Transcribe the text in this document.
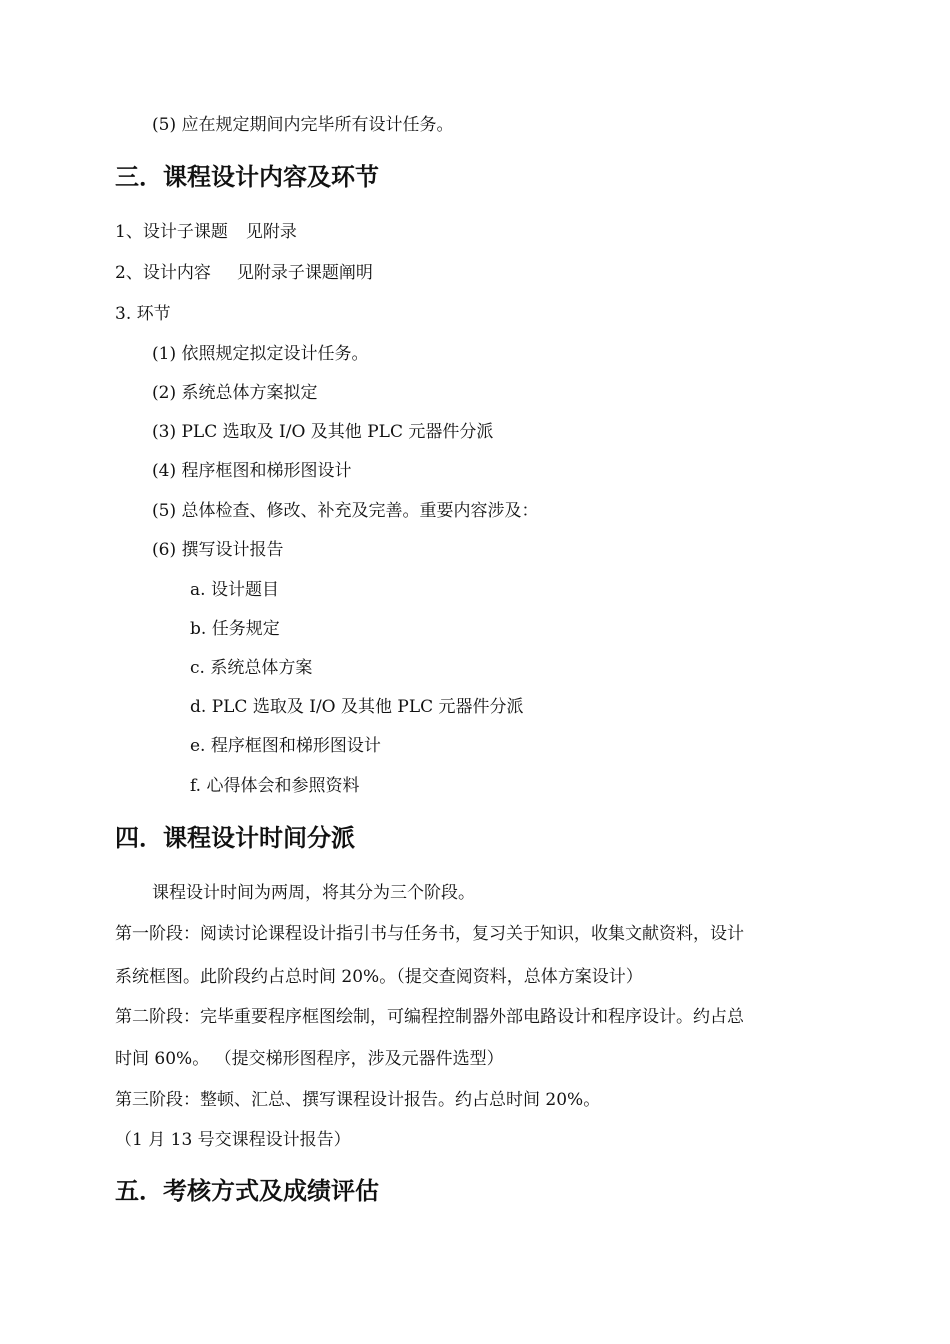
(5) 应在规定期间内完毕所有设计任务。
三．课程设计内容及环节
1、设计子课题 见附录
2、设计内容 见附录子课题阐明
3. 环节
(1) 依照规定拟定设计任务。
(2) 系统总体方案拟定
(3) PLC 选取及 I/O 及其他 PLC 元器件分派
(4) 程序框图和梯形图设计
(5) 总体检查、修改、补充及完善。重要内容涉及：
(6) 撰写设计报告
a. 设计题目
b. 任务规定
c. 系统总体方案
d. PLC 选取及 I/O 及其他 PLC 元器件分派
e. 程序框图和梯形图设计
f. 心得体会和参照资料
四．课程设计时间分派
课程设计时间为两周，将其分为三个阶段。
第一阶段：阅读讨论课程设计指引书与任务书，复习关于知识，收集文献资料，设计
系统框图。此阶段约占总时间 20%。（提交查阅资料，总体方案设计）
第二阶段：完毕重要程序框图绘制，可编程控制器外部电路设计和程序设计。约占总
时间 60%。 （提交梯形图程序，涉及元器件选型）
第三阶段：整顿、汇总、撰写课程设计报告。约占总时间 20%。
（1 月 13 号交课程设计报告）
五．考核方式及成绩评估
